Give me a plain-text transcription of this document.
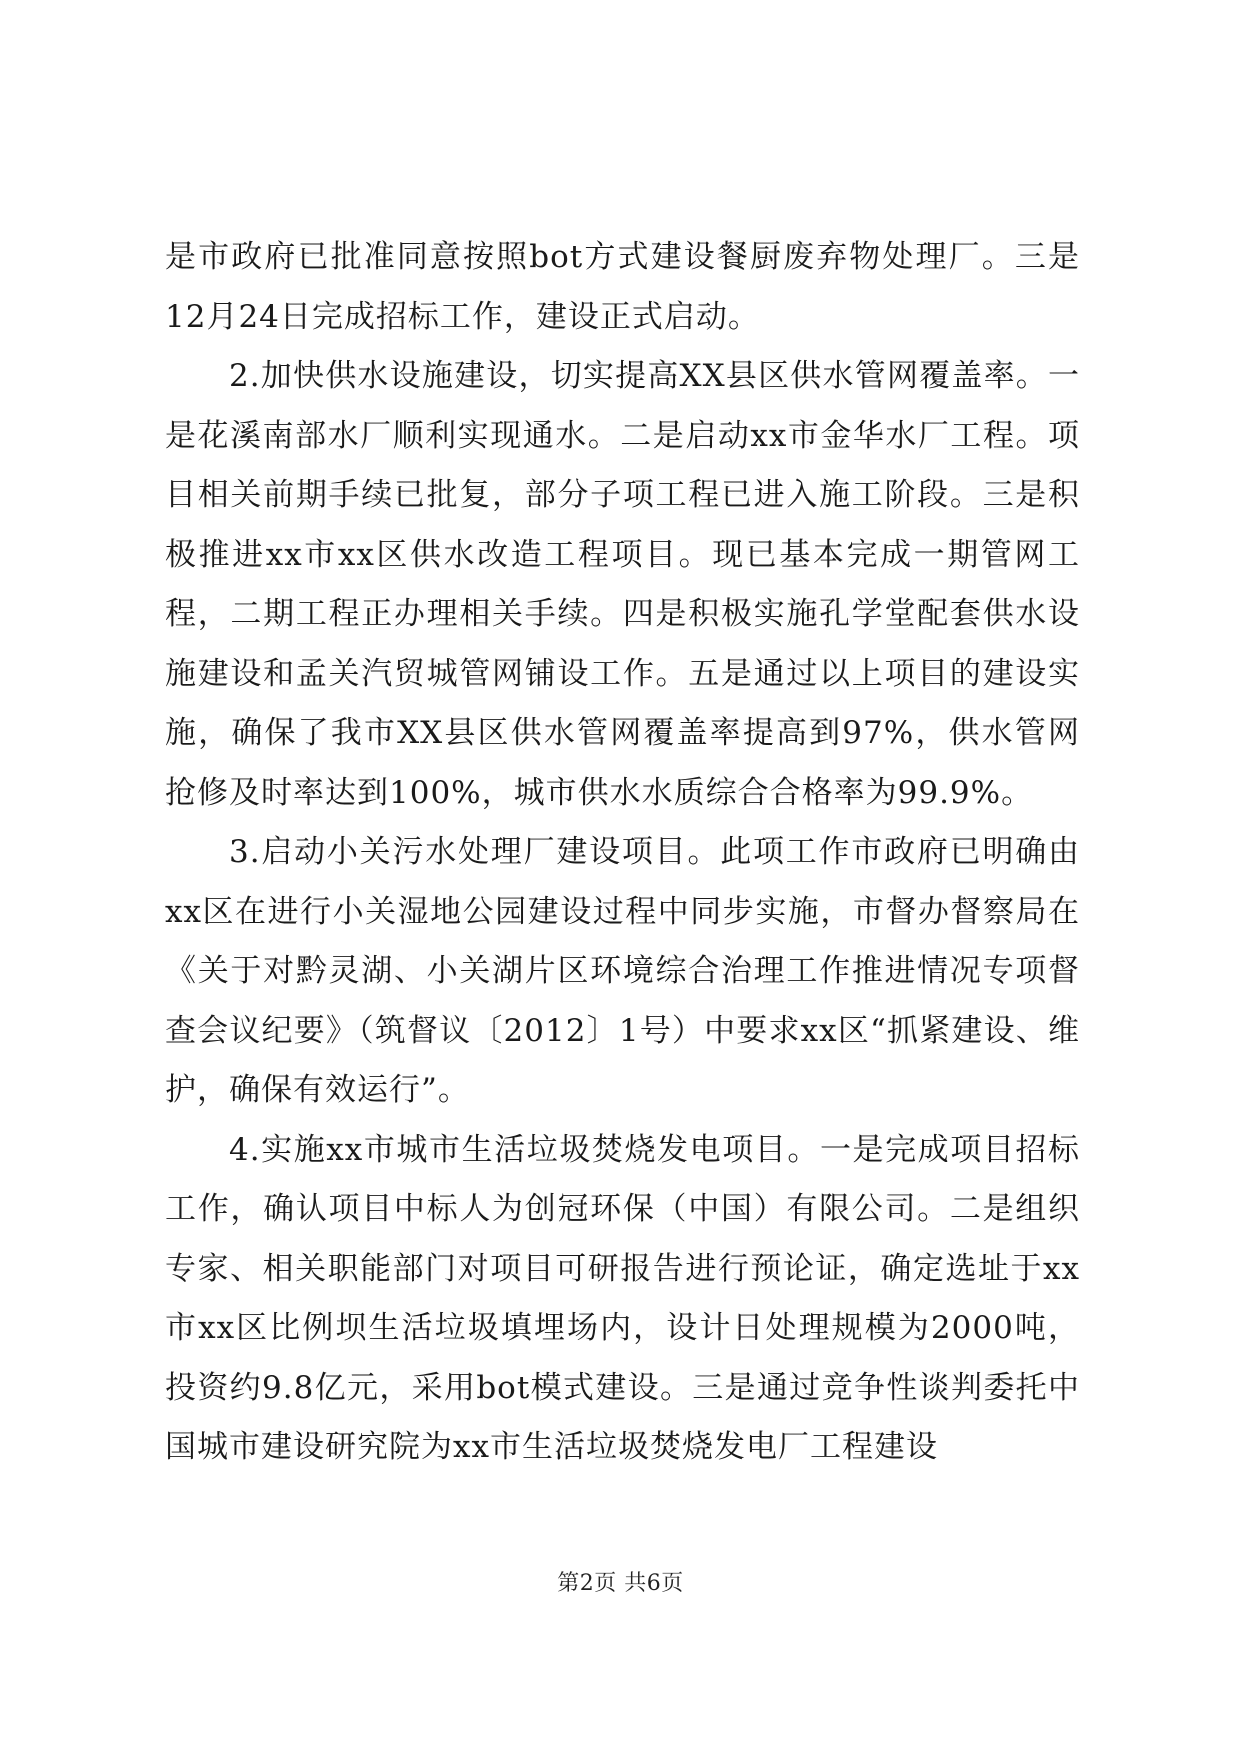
是市政府已批准同意按照bot方式建设餐厨废弃物处理厂。三是12月24日完成招标工作，建设正式启动。

2.加快供水设施建设，切实提高XX县区供水管网覆盖率。一是花溪南部水厂顺利实现通水。二是启动xx市金华水厂工程。项目相关前期手续已批复，部分子项工程已进入施工阶段。三是积极推进xx市xx区供水改造工程项目。现已基本完成一期管网工程，二期工程正办理相关手续。四是积极实施孔学堂配套供水设施建设和孟关汽贸城管网铺设工作。五是通过以上项目的建设实施，确保了我市XX县区供水管网覆盖率提高到97%，供水管网抢修及时率达到100%，城市供水水质综合合格率为99.9%。

3.启动小关污水处理厂建设项目。此项工作市政府已明确由xx区在进行小关湿地公园建设过程中同步实施，市督办督察局在《关于对黔灵湖、小关湖片区环境综合治理工作推进情况专项督查会议纪要》（筑督议〔2012〕1号）中要求xx区“抓紧建设、维护，确保有效运行”。

4.实施xx市城市生活垃圾焚烧发电项目。一是完成项目招标工作，确认项目中标人为创冠环保（中国）有限公司。二是组织专家、相关职能部门对项目可研报告进行预论证，确定选址于xx市xx区比例坝生活垃圾填埋场内，设计日处理规模为2000吨，投资约9.8亿元，采用bot模式建设。三是通过竞争性谈判委托中国城市建设研究院为xx市生活垃圾焚烧发电厂工程建设

第2页 共6页
